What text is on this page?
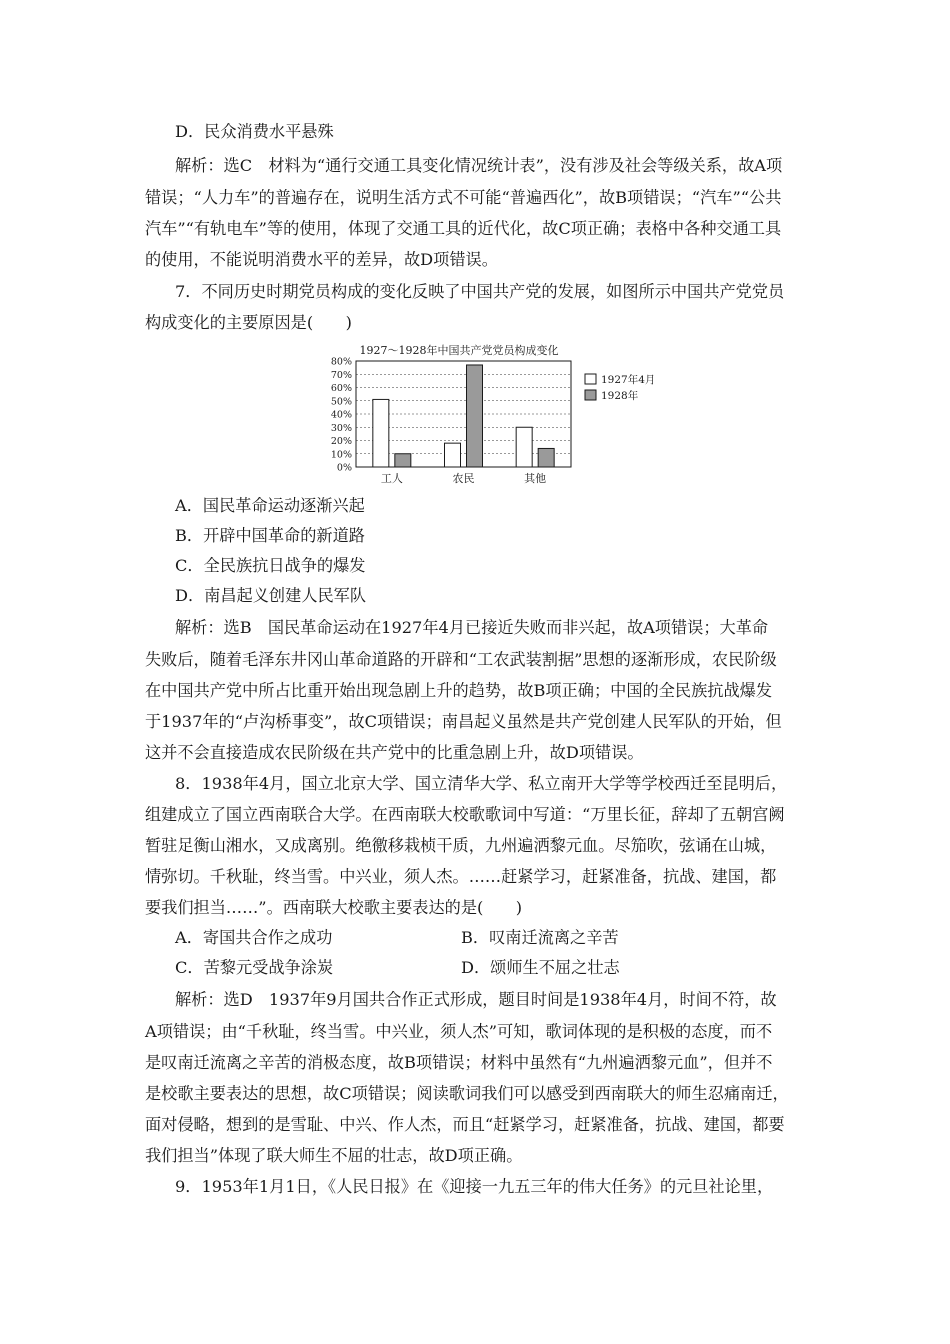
D．民众消费水平悬殊

解析：选C　材料为“通行交通工具变化情况统计表”，没有涉及社会等级关系，故A项

错误；“人力车”的普遍存在，说明生活方式不可能“普遍西化”，故B项错误；“汽车”“公共

汽车”“有轨电车”等的使用，体现了交通工具的近代化，故C项正确；表格中各种交通工具

的使用，不能说明消费水平的差异，故D项错误。

7．不同历史时期党员构成的变化反映了中国共产党的发展，如图所示中国共产党党员

构成变化的主要原因是(　　)

1927～1928年中国共产党党员构成变化
0%
10%
20%
30%
40%
50%
60%
70%
80%
工人	农民	其他
1927年4月
1928年

A．国民革命运动逐渐兴起

B．开辟中国革命的新道路

C．全民族抗日战争的爆发

D．南昌起义创建人民军队

解析：选B　国民革命运动在1927年4月已接近失败而非兴起，故A项错误；大革命

失败后，随着毛泽东井冈山革命道路的开辟和“工农武装割据”思想的逐渐形成，农民阶级

在中国共产党中所占比重开始出现急剧上升的趋势，故B项正确；中国的全民族抗战爆发

于1937年的“卢沟桥事变”，故C项错误；南昌起义虽然是共产党创建人民军队的开始，但

这并不会直接造成农民阶级在共产党中的比重急剧上升，故D项错误。

8．1938年4月，国立北京大学、国立清华大学、私立南开大学等学校西迁至昆明后，

组建成立了国立西南联合大学。在西南联大校歌歌词中写道：“万里长征，辞却了五朝宫阙

暂驻足衡山湘水，又成离别。绝徼移栽桢干质，九州遍洒黎元血。尽笳吹，弦诵在山城，

情弥切。千秋耻，终当雪。中兴业，须人杰。……赶紧学习，赶紧准备，抗战、建国，都

要我们担当……”。西南联大校歌主要表达的是(　　)

A．寄国共合作之成功	B．叹南迁流离之辛苦
C．苦黎元受战争涂炭	D．颂师生不屈之壮志

解析：选D　1937年9月国共合作正式形成，题目时间是1938年4月，时间不符，故

A项错误；由“千秋耻，终当雪。中兴业，须人杰”可知，歌词体现的是积极的态度，而不

是叹南迁流离之辛苦的消极态度，故B项错误；材料中虽然有“九州遍洒黎元血”，但并不

是校歌主要表达的思想，故C项错误；阅读歌词我们可以感受到西南联大的师生忍痛南迁，

面对侵略，想到的是雪耻、中兴、作人杰，而且“赶紧学习，赶紧准备，抗战、建国，都要

我们担当”体现了联大师生不屈的壮志，故D项正确。

9．1953年1月1日，《人民日报》在《迎接一九五三年的伟大任务》的元旦社论里，
